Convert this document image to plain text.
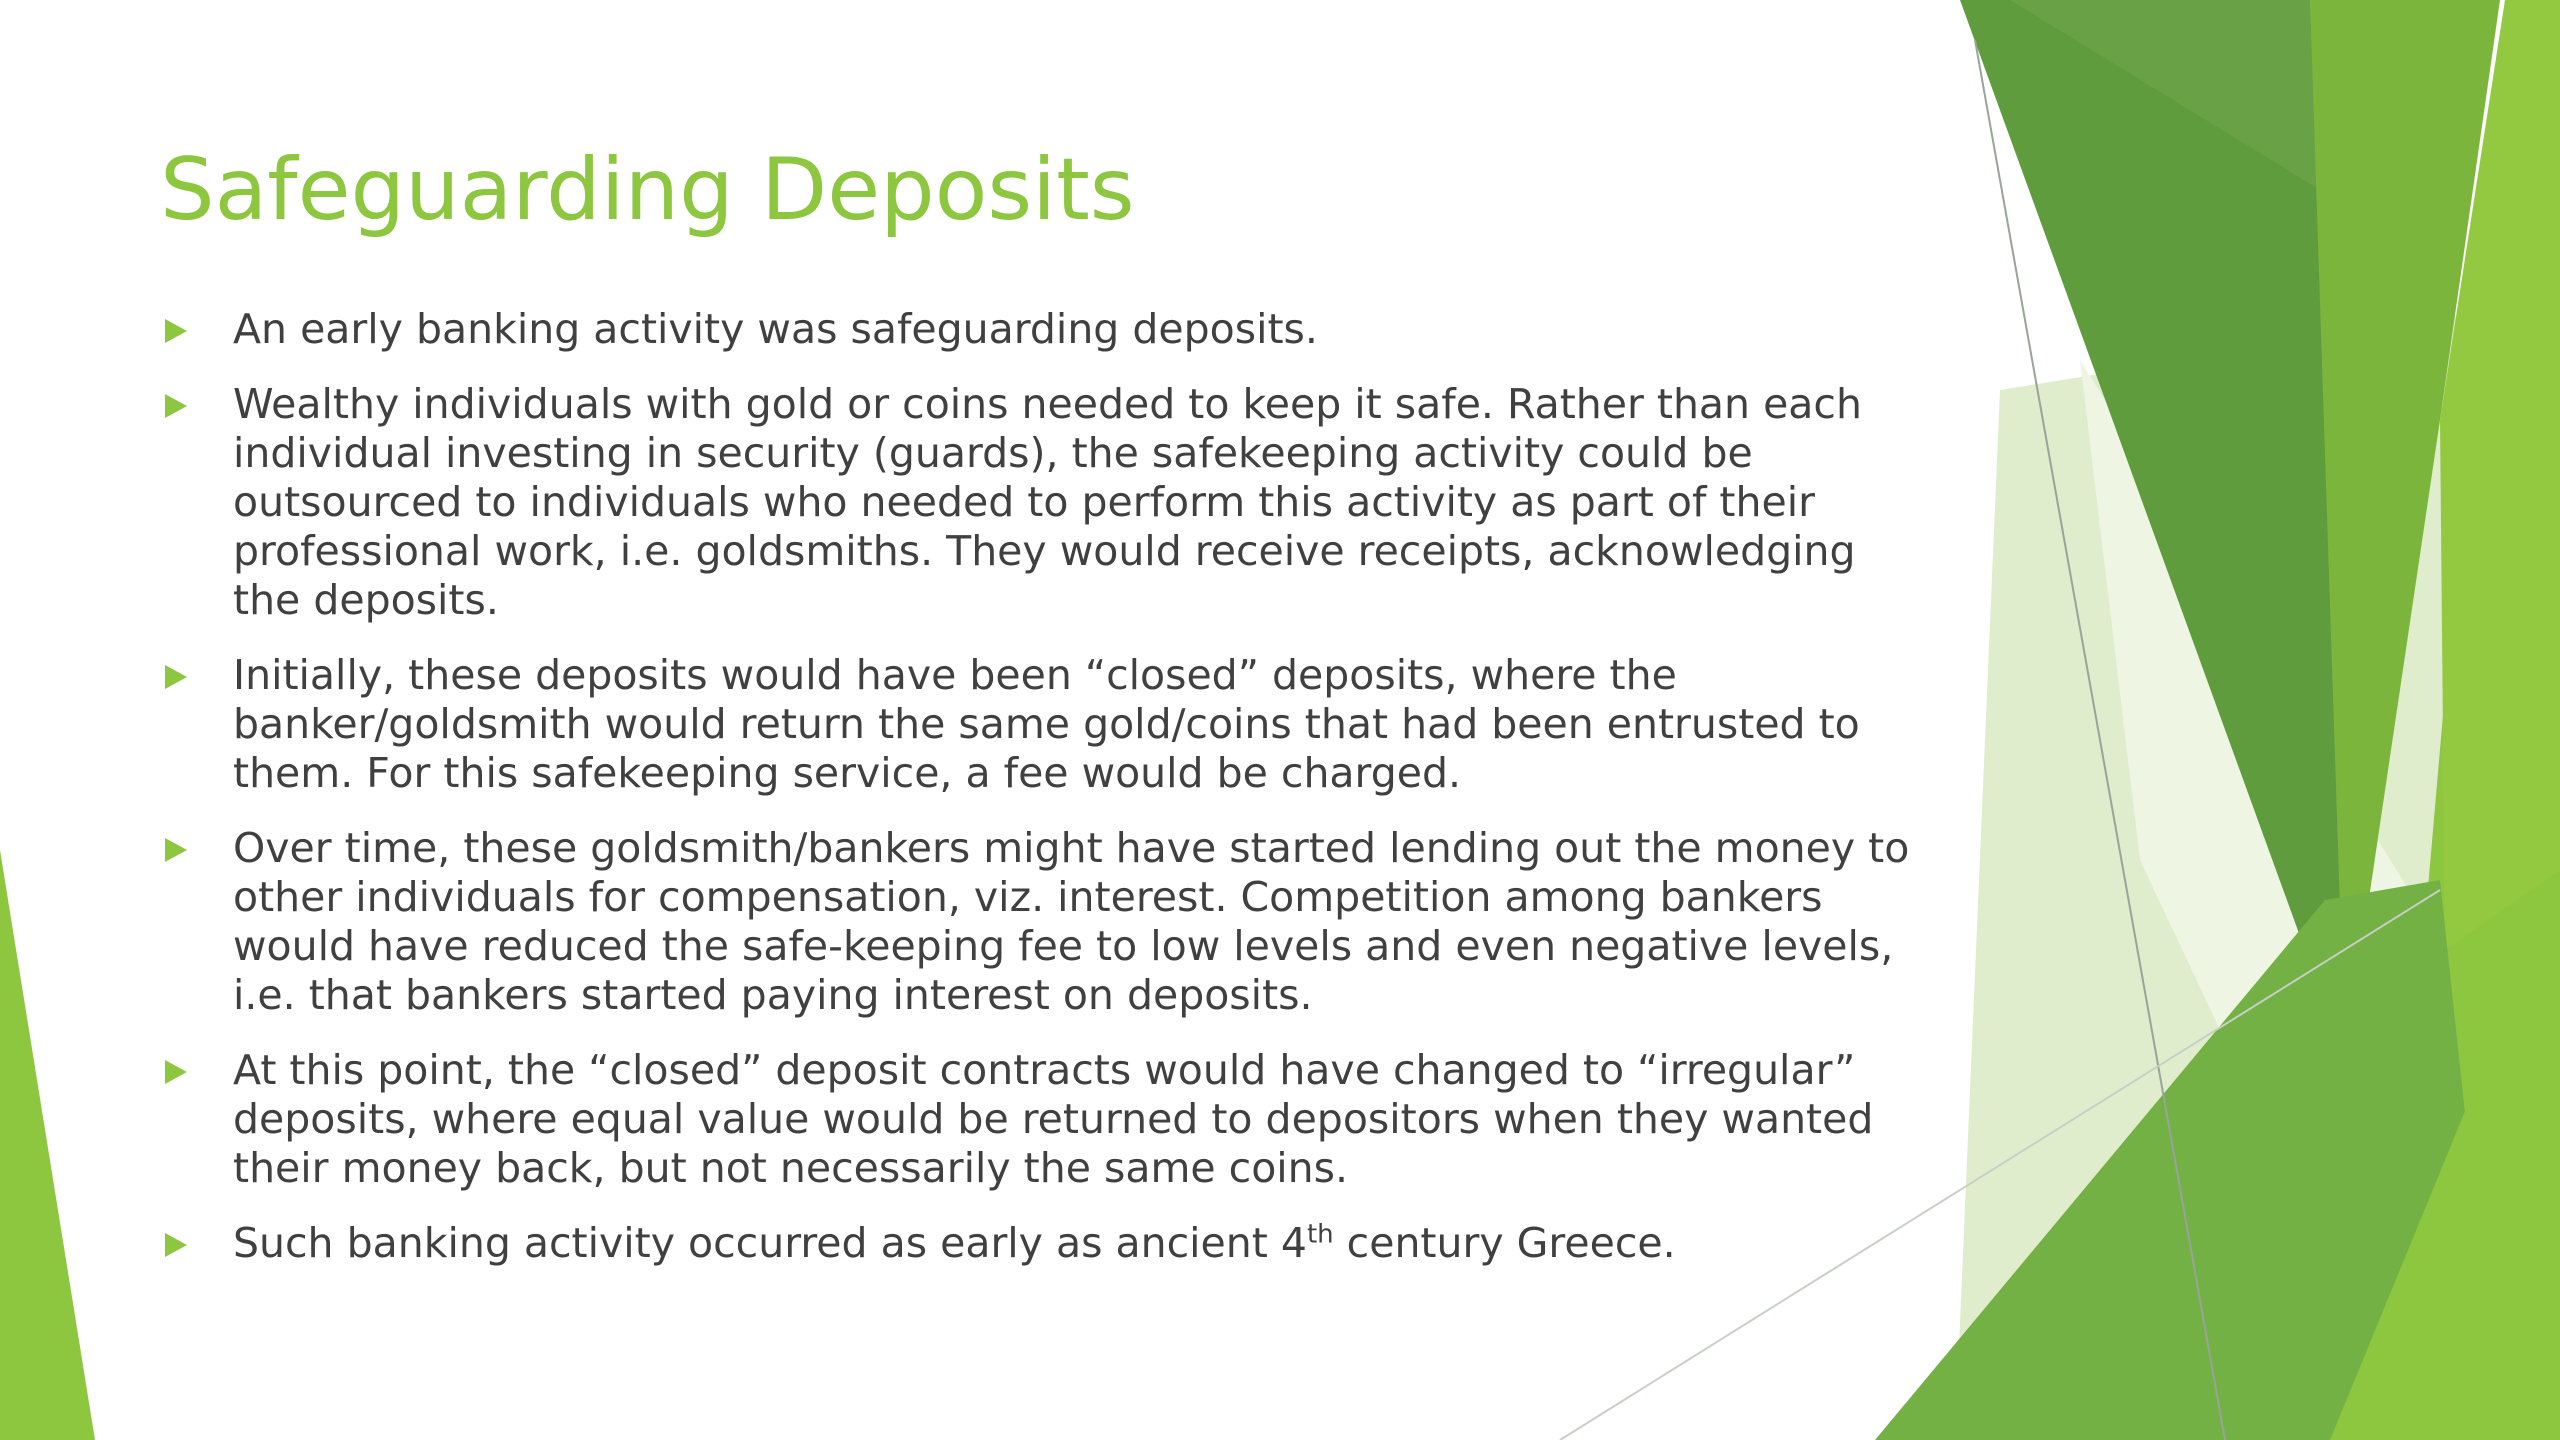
Safeguarding Deposits
An early banking activity was safeguarding deposits.
Wealthy individuals with gold or coins needed to keep it safe. Rather than each individual investing in security (guards), the safekeeping activity could be outsourced to individuals who needed to perform this activity as part of their professional work, i.e. goldsmiths. They would receive receipts, acknowledging the deposits.
Initially, these deposits would have been “closed” deposits, where the banker/goldsmith would return the same gold/coins that had been entrusted to them. For this safekeeping service, a fee would be charged.
Over time, these goldsmith/bankers might have started lending out the money to other individuals for compensation, viz. interest. Competition among bankers would have reduced the safe-keeping fee to low levels and even negative levels, i.e. that bankers started paying interest on deposits.
At this point, the “closed” deposit contracts would have changed to “irregular” deposits, where equal value would be returned to depositors when they wanted their money back, but not necessarily the same coins.
Such banking activity occurred as early as ancient 4th century Greece.
